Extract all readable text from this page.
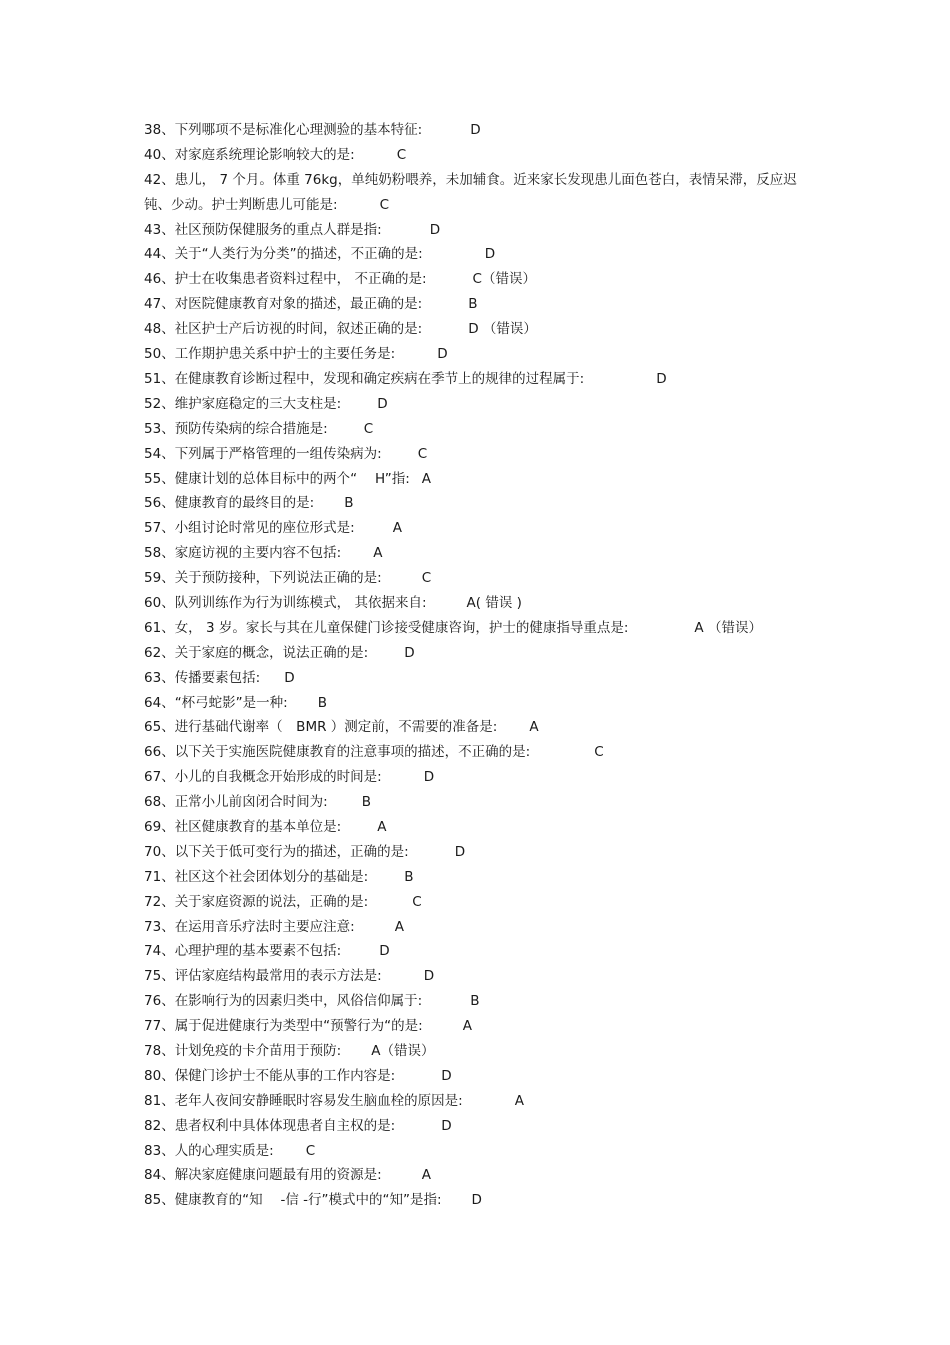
38、下列哪项不是标准化心理测验的基本特征:	D
40、对家庭系统理论影响较大的是:	C
42、患儿， 7 个月。体重 76kg，单纯奶粉喂养，未加辅食。近来家长发现患儿面色苍白，表情呆滞，反应迟钝、少动。护士判断患儿可能是:	C
43、社区预防保健服务的重点人群是指:	D
44、关于“人类行为分类”的描述，不正确的是:	D
46、护士在收集患者资料过程中， 不正确的是:	C（错误）
47、对医院健康教育对象的描述，最正确的是:	B
48、社区护士产后访视的时间，叙述正确的是:	D （错误）
50、工作期护患关系中护士的主要任务是:	D
51、在健康教育诊断过程中，发现和确定疾病在季节上的规律的过程属于:	D
52、维护家庭稳定的三大支柱是:	D
53、预防传染病的综合措施是:	C
54、下列属于严格管理的一组传染病为:	C
55、健康计划的总体目标中的两个“　 H”指: A
56、健康教育的最终目的是: B
57、小组讨论时常见的座位形式是:	A
58、家庭访视的主要内容不包括: A
59、关于预防接种，下列说法正确的是:	C
60、队列训练作为行为训练模式， 其依据来自:	A( 错误 )
61、女， 3 岁。家长与其在儿童保健门诊接受健康咨询，护士的健康指导重点是:	A （错误）
62、关于家庭的概念，说法正确的是:	D
63、传播要素包括: D
64、“杯弓蛇影”是一种: B
65、进行基础代谢率（　BMR ）测定前，不需要的准备是: A
66、以下关于实施医院健康教育的注意事项的描述，不正确的是:	C
67、小儿的自我概念开始形成的时间是:	D
68、正常小儿前囟闭合时间为:	B
69、社区健康教育的基本单位是:	A
70、以下关于低可变行为的描述，正确的是:	D
71、社区这个社会团体划分的基础是:	B
72、关于家庭资源的说法，正确的是:	C
73、在运用音乐疗法时主要应注意:	A
74、心理护理的基本要素不包括:	D
75、评估家庭结构最常用的表示方法是:	D
76、在影响行为的因素归类中，风俗信仰属于:	B
77、属于促进健康行为类型中“预警行为“的是:	A
78、计划免疫的卡介苗用于预防: A（错误）
80、保健门诊护士不能从事的工作内容是:	D
81、老年人夜间安静睡眠时容易发生脑血栓的原因是:	A
82、患者权利中具体体现患者自主权的是:	D
83、人的心理实质是: C
84、解决家庭健康问题最有用的资源是:	A
85、健康教育的“知　 -信 -行”模式中的“知”是指: D
